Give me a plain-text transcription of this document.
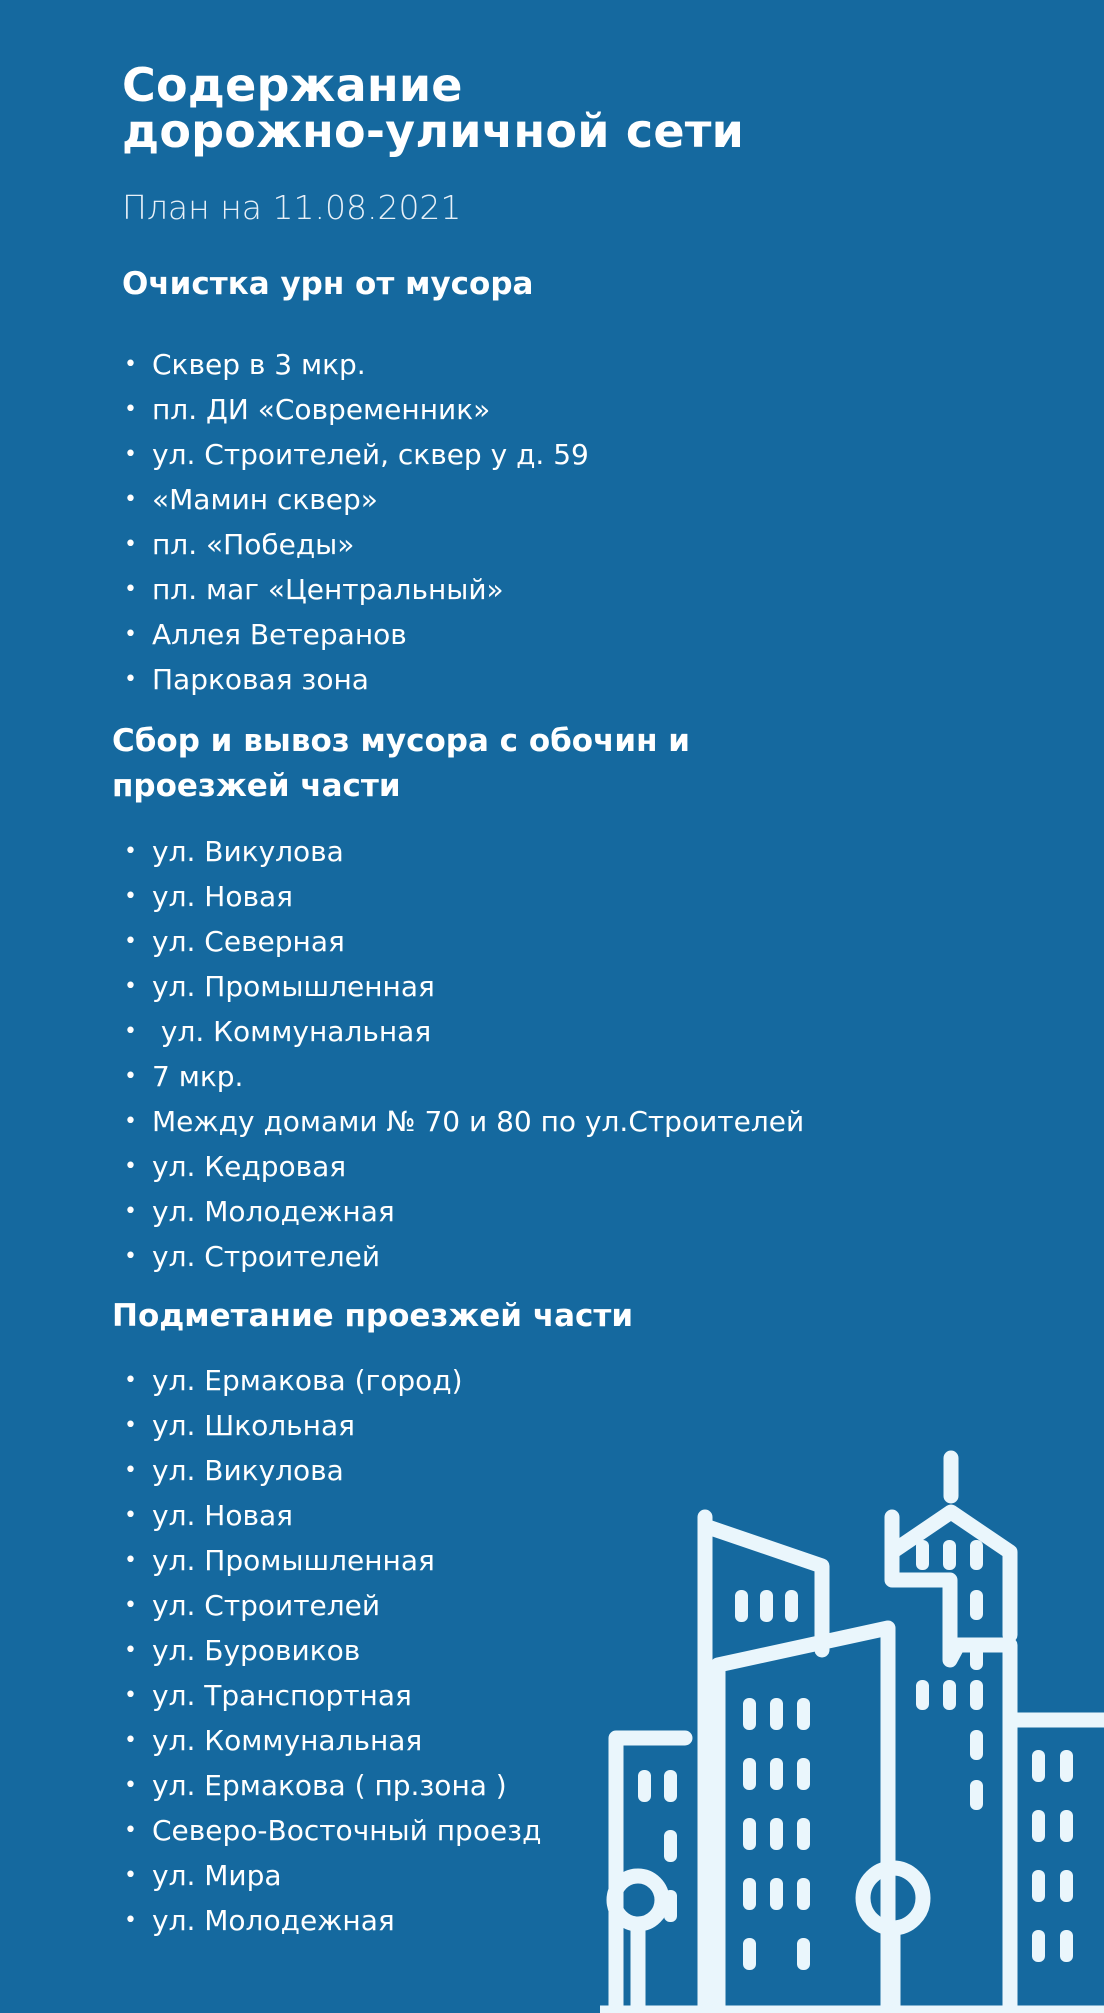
Содержание
дорожно-уличной сети

План на 11.08.2021

Очистка урн от мусора
• Сквер в 3 мкр.
• пл. ДИ «Современник»
• ул. Строителей, сквер у д. 59
• «Мамин сквер»
• пл. «Победы»
• пл. маг «Центральный»
• Аллея Ветеранов
• Парковая зона
Сбор и вывоз мусора с обочин и
проезжей части
• ул. Викулова
• ул. Новая
• ул. Северная
• ул. Промышленная
• ул. Коммунальная
• 7 мкр.
• Между домами № 70 и 80 по ул.Строителей
• ул. Кедровая
• ул. Молодежная
• ул. Строителей
Подметание проезжей части
• ул. Ермакова (город)
• ул. Школьная
• ул. Викулова
• ул. Новая
• ул. Промышленная
• ул. Строителей
• ул. Буровиков
• ул. Транспортная
• ул. Коммунальная
• ул. Ермакова ( пр.зона )
• Северо-Восточный проезд
• ул. Мира
• ул. Молодежная
